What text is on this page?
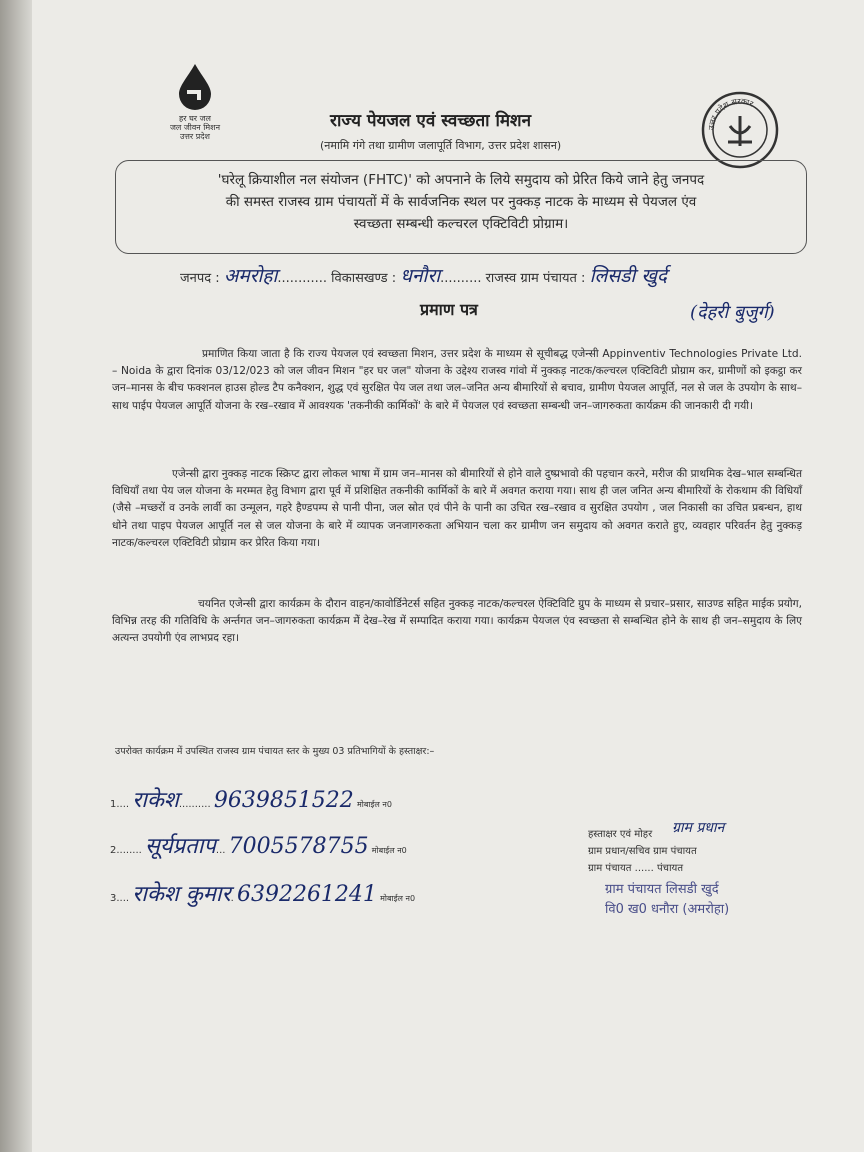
हर घर जल
जल जीवन मिशन
उत्तर प्रदेश
राज्य पेयजल एवं स्वच्छता मिशन
(नमामि गंगे तथा ग्रामीण जलापूर्ति विभाग, उत्तर प्रदेश शासन)
उत्तर प्रदेश सरकार

'घरेलू क्रियाशील नल संयोजन (FHTC)' को अपनाने के लिये समुदाय को प्रेरित किये जाने हेतु जनपद
की समस्त राजस्व ग्राम पंचायतों में के सार्वजनिक स्थल पर नुक्कड़ नाटक के माध्यम से पेयजल एंव
स्वच्छता सम्बन्धी कल्चरल एक्टिविटी प्रोग्राम।

जनपद : अमरोहा............ विकासखण्ड : धनौरा.......... राजस्व ग्राम पंचायत : लिसडी खुर्द
(देहरी बुजुर्ग)
प्रमाण पत्र
प्रमाणित किया जाता है कि राज्य पेयजल एवं स्वच्छता मिशन, उत्तर प्रदेश के माध्यम से सूचीबद्ध एजेन्सी Appinventiv Technologies Private Ltd. – Noida के द्वारा दिनांक 03/12/023 को जल जीवन मिशन "हर घर जल" योजना के उद्देश्य राजस्व गांवो में नुक्कड़ नाटक/कल्चरल एक्टिविटी प्रोग्राम कर, ग्रामीणों को इकट्ठा कर जन–मानस के बीच फक्शनल हाउस होल्ड टैप कनैक्शन, शुद्ध एवं सुरक्षित पेय जल तथा जल–जनित अन्य बीमारियों से बचाव, ग्रामीण पेयजल आपूर्ति, नल से जल के उपयोग के साथ–साथ पाईप पेयजल आपूर्ति योजना के रख–रखाव में आवश्यक 'तकनीकी कार्मिकों' के बारे में पेयजल एवं स्वच्छता सम्बन्धी जन–जागरुकता कार्यक्रम की जानकारी दी गयी।
एजेन्सी द्वारा नुक्कड़ नाटक स्क्रिप्ट द्वारा लोकल भाषा में ग्राम जन–मानस को बीमारियों से होने वाले दुष्प्रभावो की पहचान करने, मरीज की प्राथमिक देख–भाल सम्बन्धित विधियॉं तथा पेय जल योजना के मरम्मत हेतु विभाग द्वारा पूर्व में प्रशिक्षित तकनीकी कार्मिकों के बारे में अवगत कराया गया। साथ ही जल जनित अन्य बीमारियों के रोकथाम की विधियाँ (जैसे –मच्छरों व उनके लार्वी का उन्मूलन, गहरे हैण्डपम्प से पानी पीना, जल स्रोत एवं पीने के पानी का उचित रख–रखाव व सुरक्षित उपयोग , जल निकासी का उचित प्रबन्धन, हाथ धोने तथा पाइप पेयजल आपूर्ति नल से जल योजना के बारे में व्यापक जनजागरुकता अभियान चला कर ग्रामीण जन समुदाय को अवगत कराते हुए, व्यवहार परिवर्तन हेतु नुक्कड़ नाटक/कल्चरल एक्टिविटी प्रोग्राम कर प्रेरित किया गया।
चयनित एजेन्सी द्वारा कार्यक्रम के दौरान वाहन/कावोर्डिनेटर्स सहित नुक्कड़ नाटक/कल्चरल ऐक्टिविटि ग्रुप के माध्यम से प्रचार–प्रसार, साउण्ड सहित माईक प्रयोग, विभिन्न तरह की गतिविधि के अर्न्तगत जन–जागरुकता कार्यक्रम मेें देख–रेख में सम्पादित कराया गया। कार्यक्रम पेयजल एंव स्वच्छता से सम्बन्धित होने के साथ ही जन–समुदाय के लिए अत्यन्त उपयोगी एंव लाभप्रद रहा।
उपरोक्त कार्यक्रम में उपस्थित राजस्व ग्राम पंचायत स्तर के मुख्य 03 प्रतिभागियों के हस्ताक्षर:–
1.... राकेश.......... 9639851522 मोबाईल न0
2........ सूर्यप्रताप... 7005578755 मोबाईल न0
3.... राकेश कुमार. 6392261241 मोबाईल न0
हस्ताक्षर एवं मोहर
ग्राम प्रधान/सचिव ग्राम पंचायत
ग्राम पंचायत ...... पंचायत
ग्राम प्रधान
ग्राम पंचायत लिसडी खुर्द
वि0 ख0 धनौरा (अमरोहा)
